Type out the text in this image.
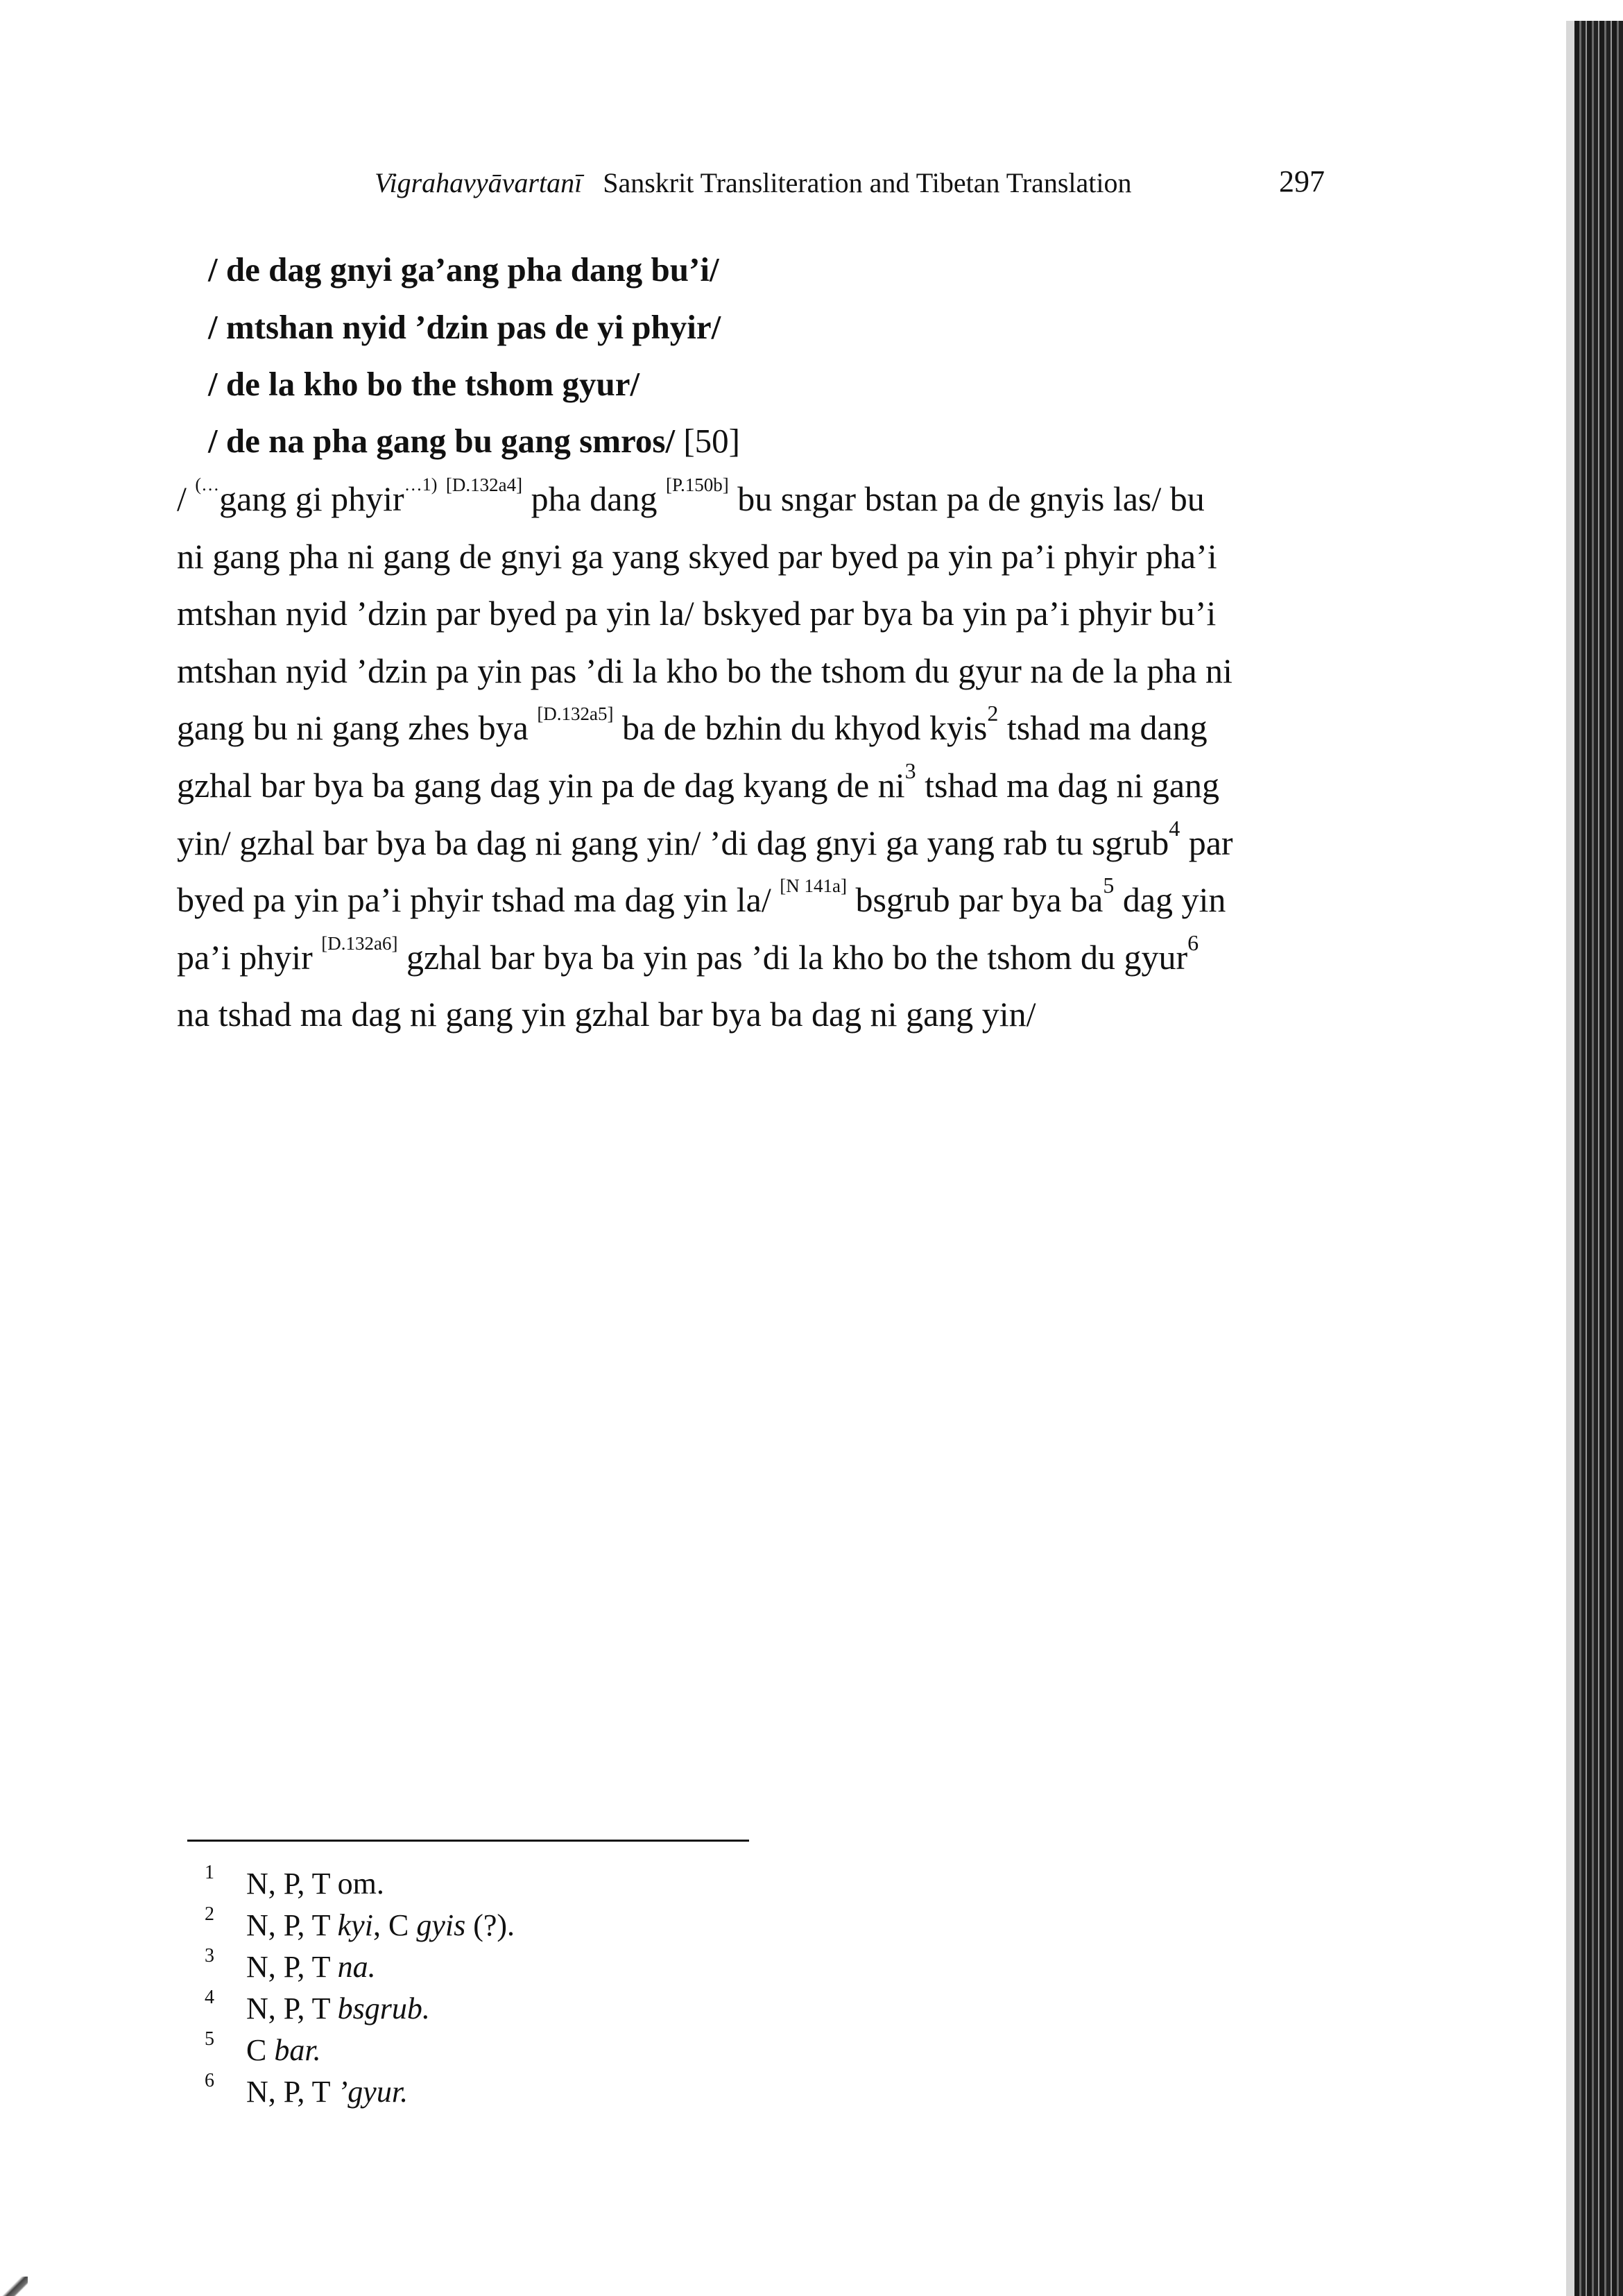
Vigrahavyāvartanī Sanskrit Transliteration and Tibetan Translation	297
/ de dag gnyi ga’ang pha dang bu’i/
/ mtshan nyid ’dzin pas de yi phyir/
/ de la kho bo the tshom gyur/
/ de na pha gang bu gang smros/ [50]
/ (…gang gi phyir$^{\dots 1)}$ [D.132a4] pha dang [P.150b] bu sngar bstan pa de gnyis las/ bu
ni gang pha ni gang de gnyi ga yang skyed par byed pa yin pa’i phyir pha’i
mtshan nyid ’dzin par byed pa yin la/ bskyed par bya ba yin pa’i phyir bu’i
mtshan nyid ’dzin pa yin pas ’di la kho bo the tshom du gyur na de la pha ni
gang bu ni gang zhes bya [D.132a5] ba de bzhin du khyod kyis$^2$ tshad ma dang
gzhal bar bya ba gang dag yin pa de dag kyang de $ni^3$ tshad ma dag ni gang
yin/ gzhal bar bya ba dag ni gang yin/ ’di dag gnyi ga yang rab tu sgrub$^4$ par
byed pa yin pa’i phyir tshad ma dag yin la/ [N 141a] bsgrub par bya $ba^5$ dag yin
pa’i phyir [D.132a6] gzhal bar bya ba yin pas ’di la kho bo the tshom du gyur$^6$
na tshad ma dag ni gang yin gzhal bar bya ba dag ni gang yin/
1 N, P, T om.
2 N, P, T kyi, C gyis (?).
3 N, P, T na.
4 N, P, T bsgrub.
5 C bar.
6 N, P, T ’gyur.
